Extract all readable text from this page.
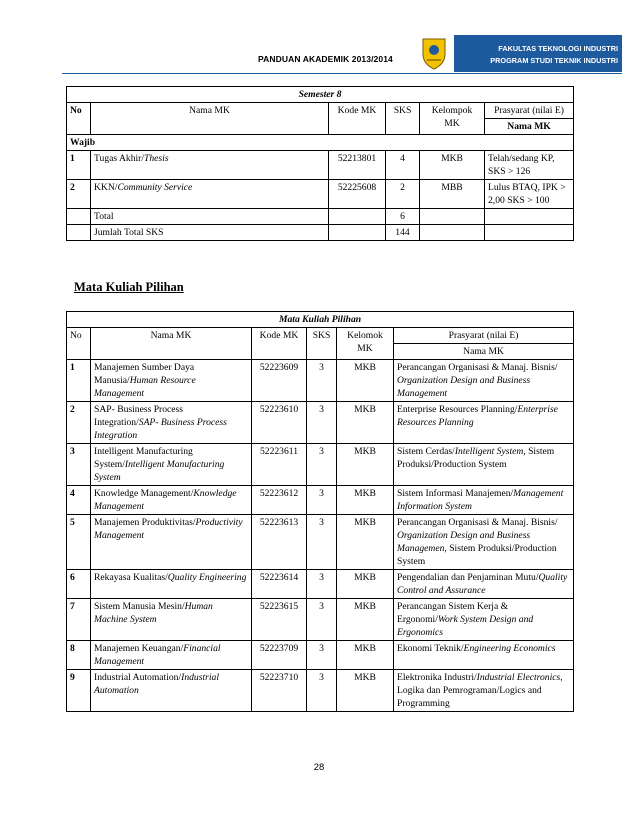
PANDUAN AKADEMIK 2013/2014
FAKULTAS TEKNOLOGI INDUSTRI
PROGRAM STUDI TEKNIK INDUSTRI
Semester 8					
No	Nama MK	Kode MK	SKS	Kelompok MK	Prasyarat (nilai E)
					Nama MK
Wajib					
1	Tugas Akhir/Thesis	52213801	4	MKB	Telah/sedang KP, SKS > 126
2	KKN/Community Service	52225608	2	MBB	Lulus BTAQ, IPK > 2,00 SKS > 100
	Total		6		
	Jumlah Total SKS		144		
Mata Kuliah Pilihan
Mata Kuliah Pilihan					
No	Nama MK	Kode MK	SKS	Kelomok MK	Prasyarat (nilai E)
					Nama MK
1	Manajemen Sumber Daya Manusia/Human Resource Management	52223609	3	MKB	Perancangan Organisasi & Manaj. Bisnis/ Organization Design and Business Management
2	SAP- Business Process Integration/SAP- Business Process Integration	52223610	3	MKB	Enterprise Resources Planning/Enterprise Resources Planning
3	Intelligent Manufacturing System/Intelligent Manufacturing System	52223611	3	MKB	Sistem Cerdas/Intelligent System, Sistem Produksi/Production System
4	Knowledge Management/Knowledge Management	52223612	3	MKB	Sistem Informasi Manajemen/Management Information System
5	Manajemen Produktivitas/Productivity Management	52223613	3	MKB	Perancangan Organisasi & Manaj. Bisnis/ Organization Design and Business Managemen, Sistem Produksi/Production System
6	Rekayasa Kualitas/Quality Engineering	52223614	3	MKB	Pengendalian dan Penjaminan Mutu/Quality Control and Assurance
7	Sistem Manusia Mesin/Human Machine System	52223615	3	MKB	Perancangan Sistem Kerja & Ergonomi/Work System Design and Ergonomics
8	Manajemen Keuangan/Financial Management	52223709	3	MKB	Ekonomi Teknik/Engineering Economics
9	Industrial Automation/Industrial Automation	52223710	3	MKB	Elektronika Industri/Industrial Electronics, Logika dan Pemrograman/Logics and Programming
28
